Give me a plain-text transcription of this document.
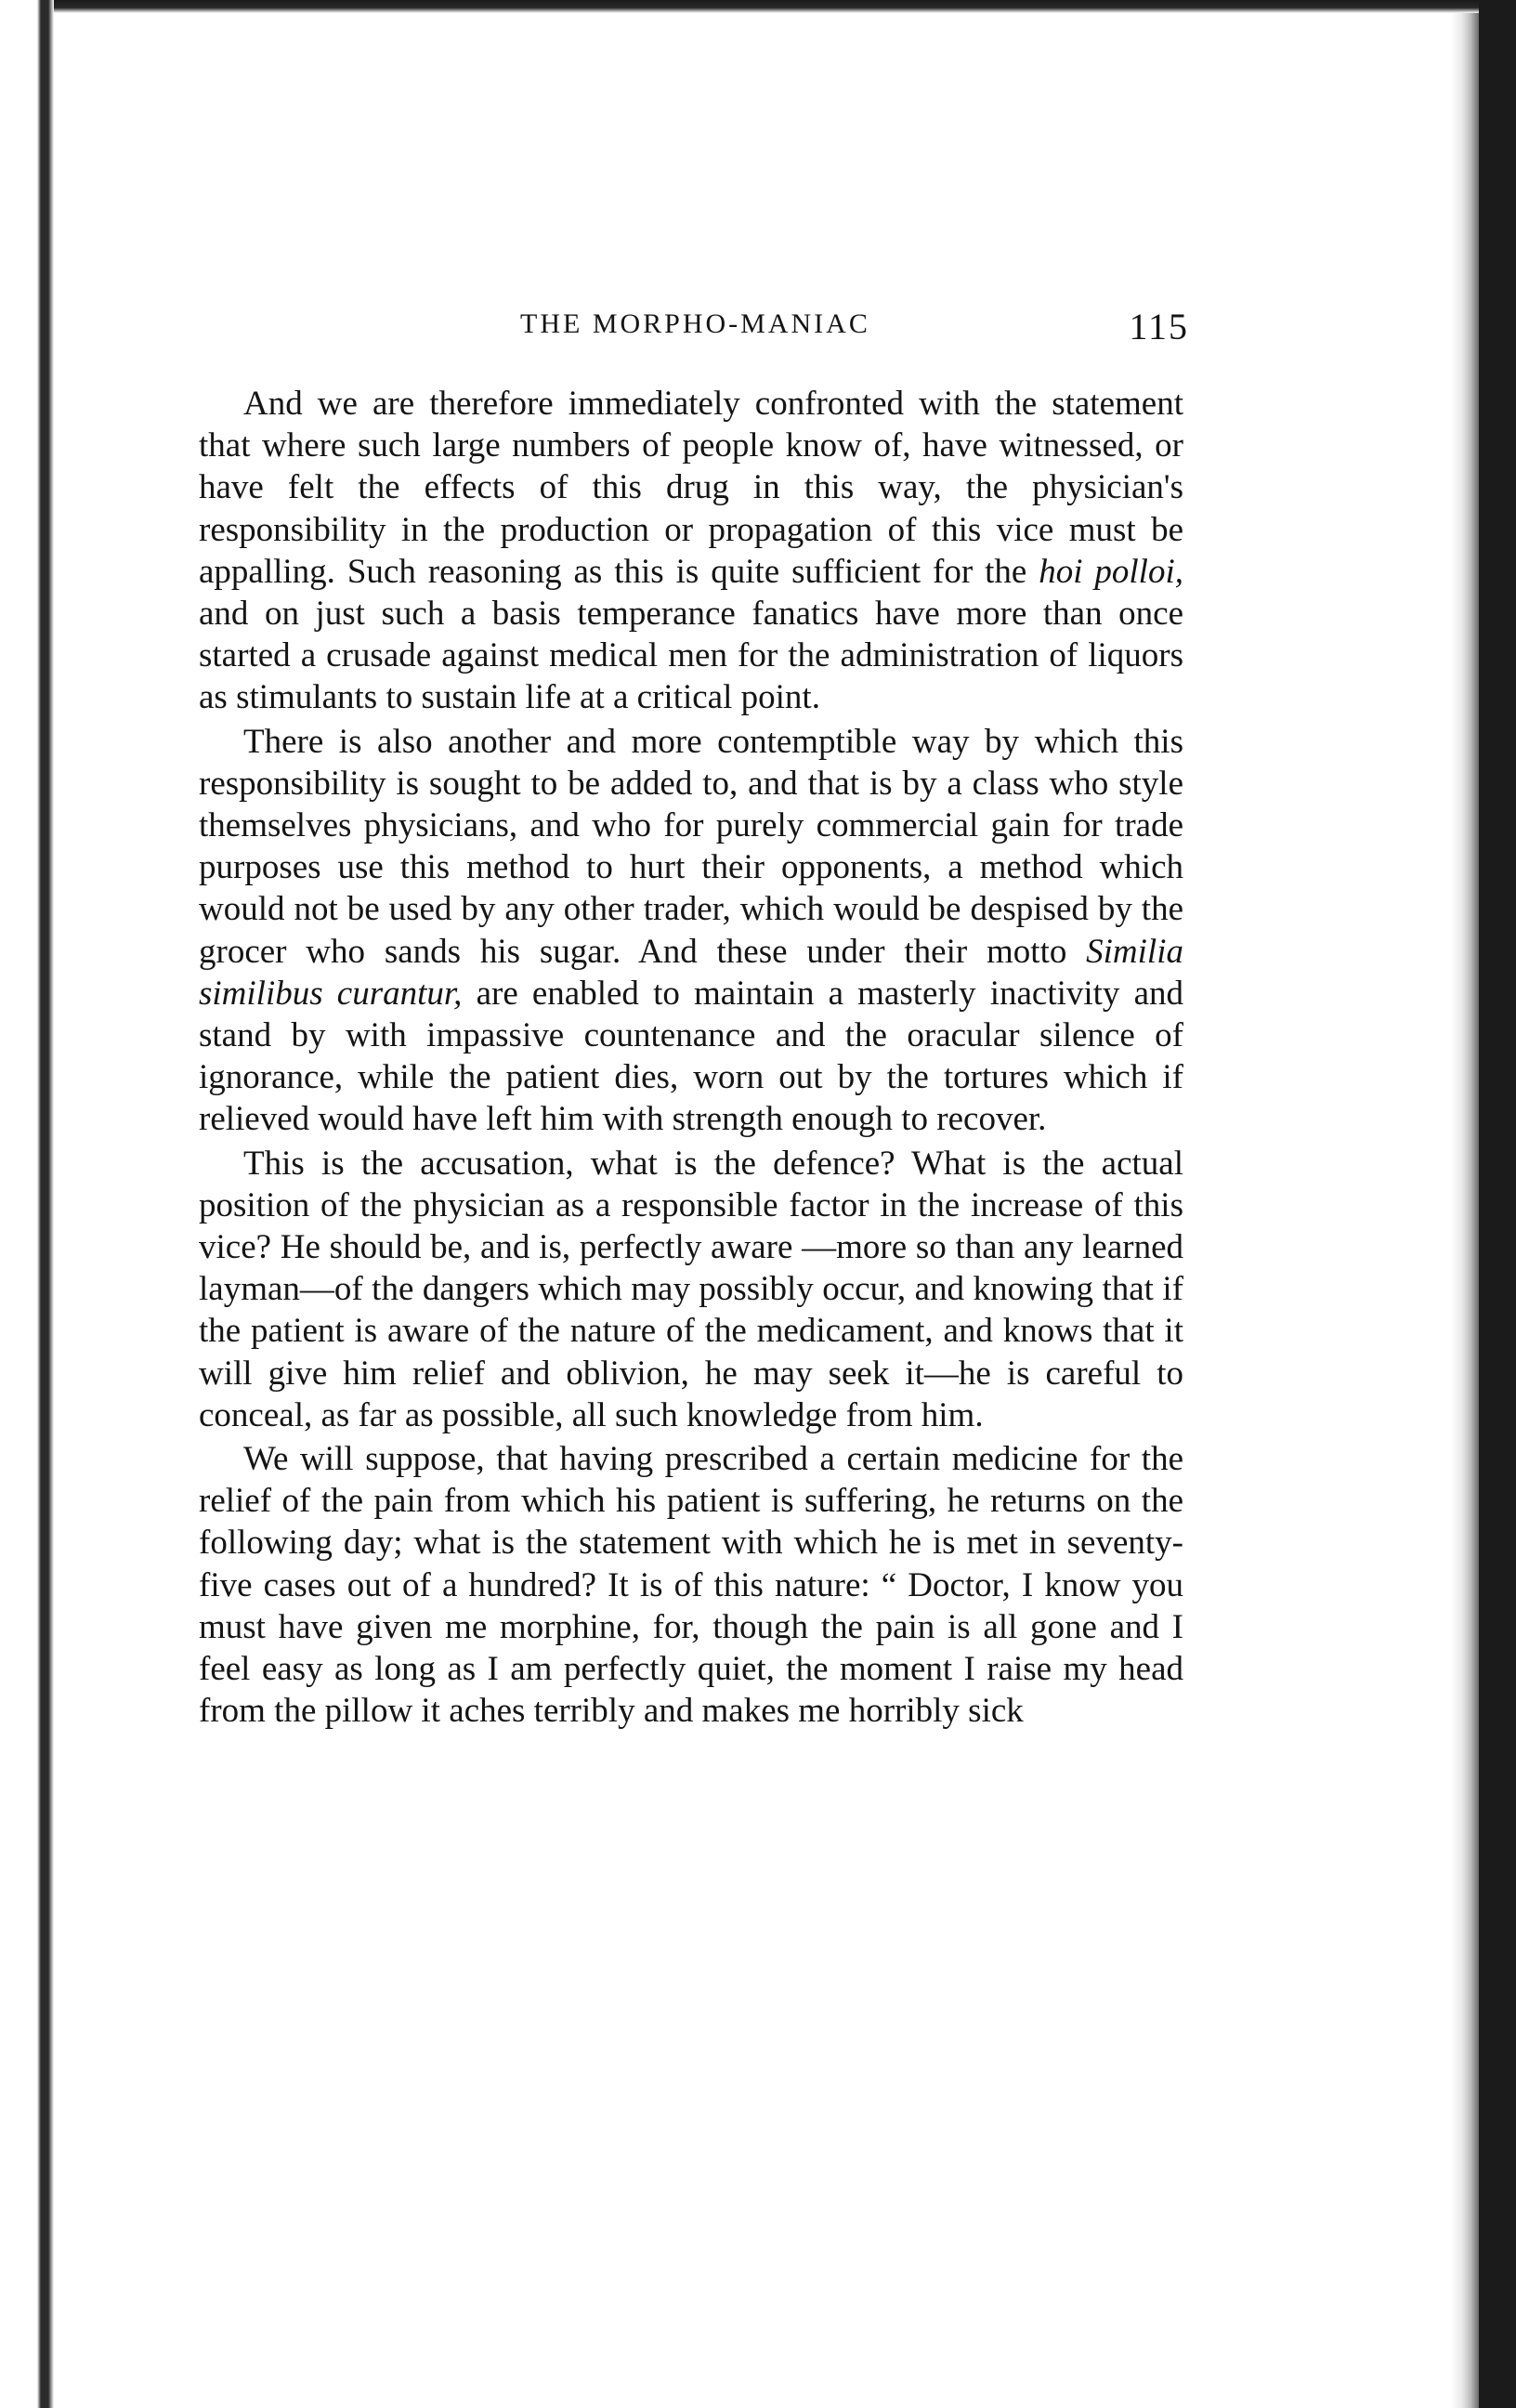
THE MORPHO-MANIAC	115

And we are therefore immediately confronted with the statement that where such large numbers of people know of, have witnessed, or have felt the effects of this drug in this way, the physician's responsibility in the production or propagation of this vice must be appalling. Such reasoning as this is quite sufficient for the hoi polloi, and on just such a basis temperance fanatics have more than once started a crusade against medical men for the administration of liquors as stimulants to sustain life at a critical point.

There is also another and more contemptible way by which this responsibility is sought to be added to, and that is by a class who style themselves physicians, and who for purely commercial gain for trade purposes use this method to hurt their opponents, a method which would not be used by any other trader, which would be despised by the grocer who sands his sugar. And these under their motto Similia similibus curantur, are enabled to maintain a masterly inactivity and stand by with impassive countenance and the oracular silence of ignorance, while the patient dies, worn out by the tortures which if relieved would have left him with strength enough to recover.

This is the accusation, what is the defence? What is the actual position of the physician as a responsible factor in the increase of this vice? He should be, and is, perfectly aware —more so than any learned layman—of the dangers which may possibly occur, and knowing that if the patient is aware of the nature of the medicament, and knows that it will give him relief and oblivion, he may seek it—he is careful to conceal, as far as possible, all such knowledge from him.

We will suppose, that having prescribed a certain medicine for the relief of the pain from which his patient is suffering, he returns on the following day; what is the statement with which he is met in seventy-five cases out of a hundred? It is of this nature: “ Doctor, I know you must have given me morphine, for, though the pain is all gone and I feel easy as long as I am perfectly quiet, the moment I raise my head from the pillow it aches terribly and makes me horribly sick
